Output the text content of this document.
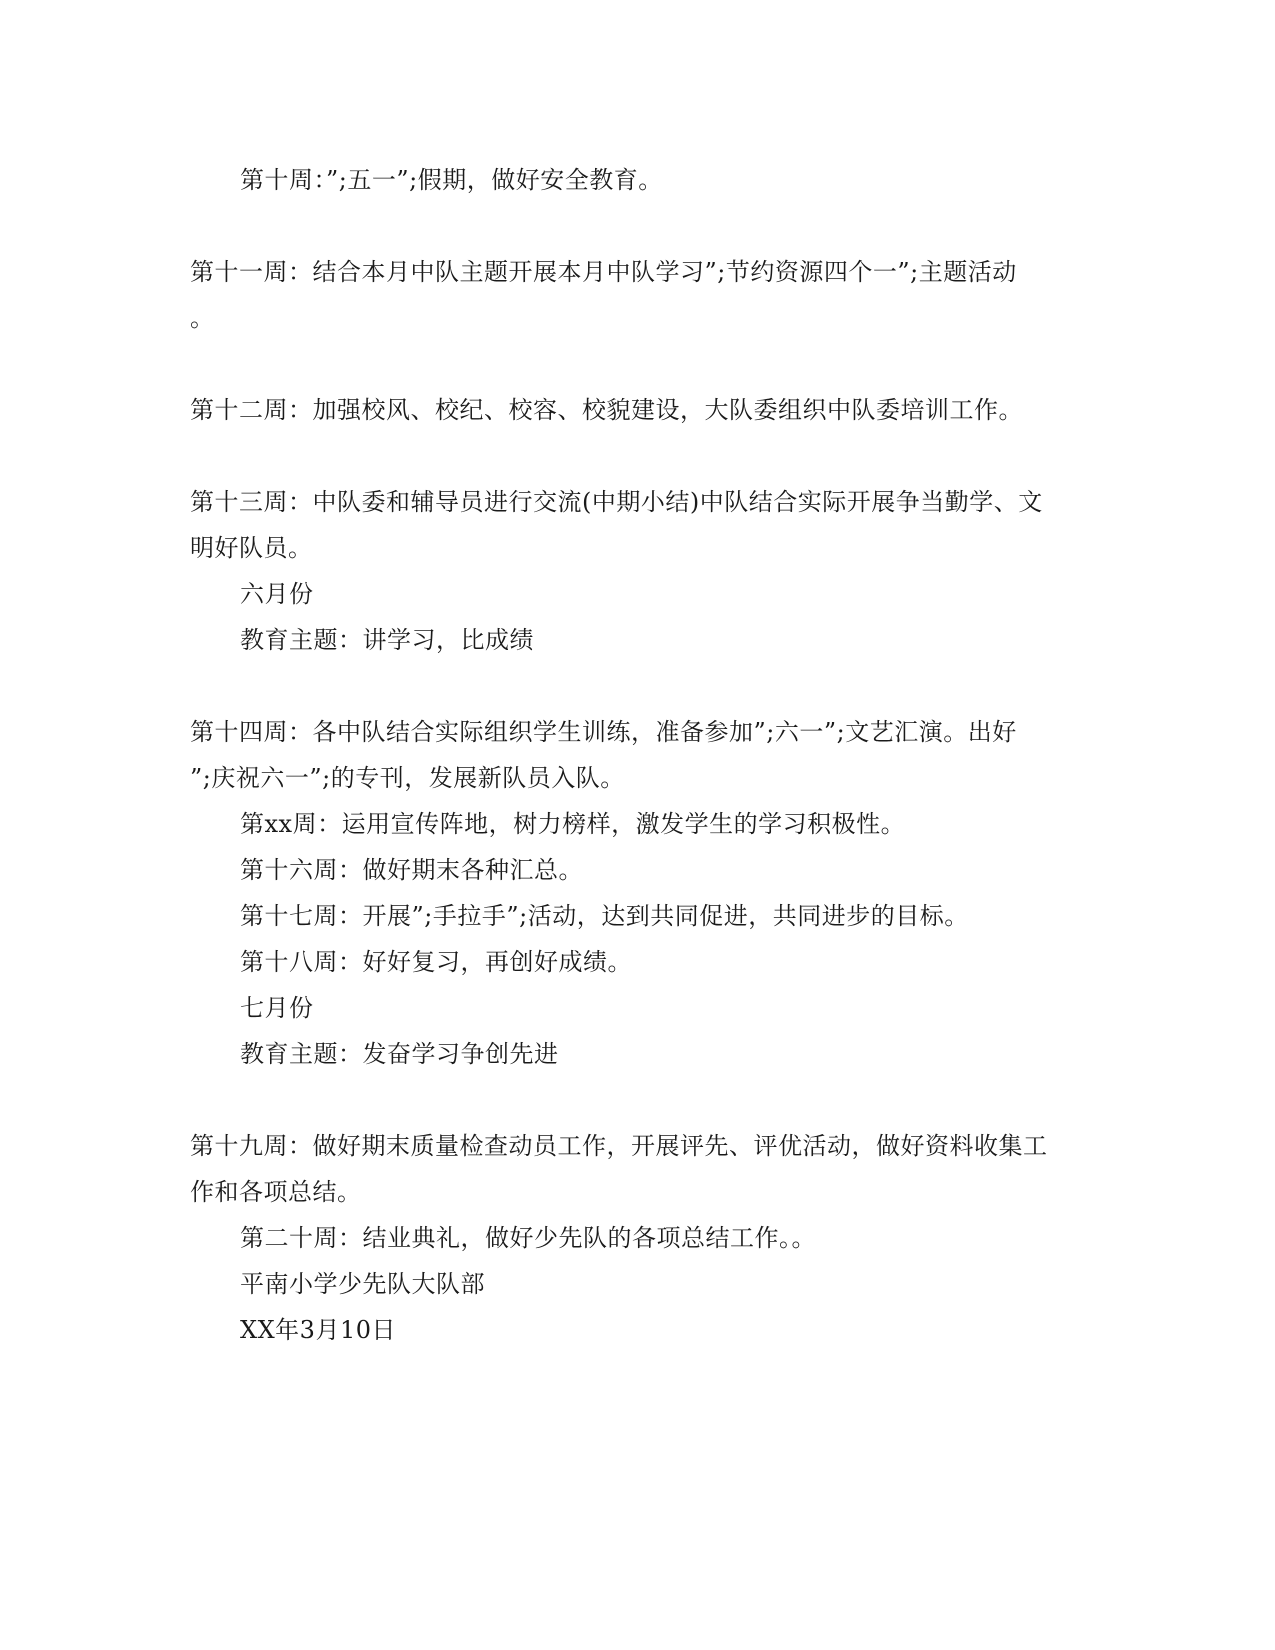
第十周：”;五一”;假期，做好安全教育。
第十一周：结合本月中队主题开展本月中队学习”;节约资源四个一”;主题活动
。
第十二周：加强校风、校纪、校容、校貌建设，大队委组织中队委培训工作。
第十三周：中队委和辅导员进行交流(中期小结)中队结合实际开展争当勤学、文
明好队员。
六月份
教育主题：讲学习，比成绩
第十四周：各中队结合实际组织学生训练，准备参加”;六一”;文艺汇演。出好
”;庆祝六一”;的专刊，发展新队员入队。
第xx周：运用宣传阵地，树力榜样，激发学生的学习积极性。
第十六周：做好期末各种汇总。
第十七周：开展”;手拉手”;活动，达到共同促进，共同进步的目标。
第十八周：好好复习，再创好成绩。
七月份
教育主题：发奋学习争创先进
第十九周：做好期末质量检查动员工作，开展评先、评优活动，做好资料收集工
作和各项总结。
第二十周：结业典礼，做好少先队的各项总结工作。。
平南小学少先队大队部
XX年3月10日
